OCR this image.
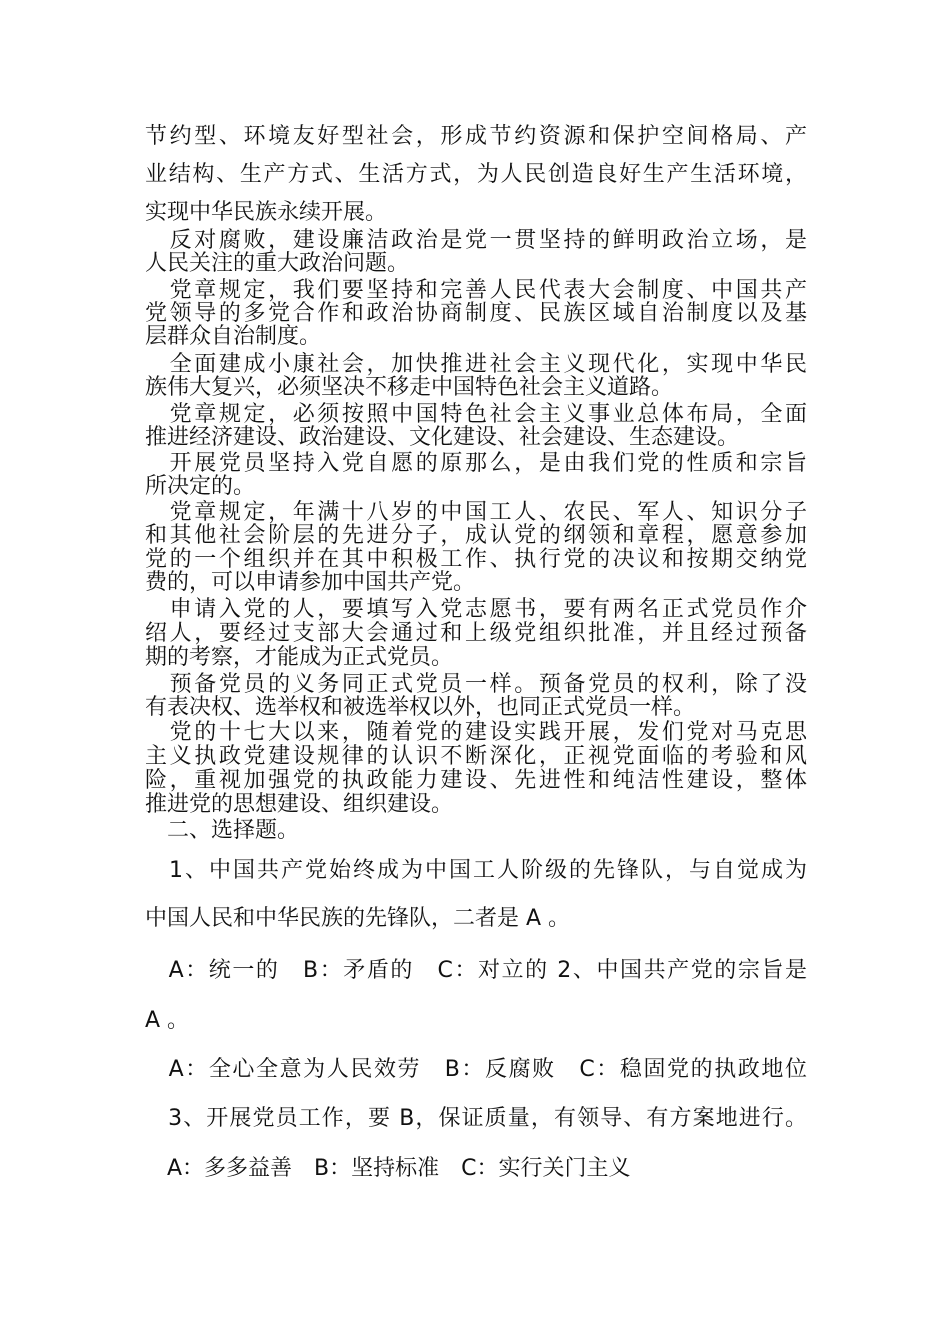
节约型、环境友好型社会，形成节约资源和保护空间格局、产

业结构、生产方式、生活方式，为人民创造良好生产生活环境，

实现中华民族永续开展。

　反对腐败，建设廉洁政治是党一贯坚持的鲜明政治立场，是

人民关注的重大政治问题。

　党章规定，我们要坚持和完善人民代表大会制度、中国共产

党领导的多党合作和政治协商制度、民族区域自治制度以及基

层群众自治制度。

　全面建成小康社会，加快推进社会主义现代化，实现中华民

族伟大复兴，必须坚决不移走中国特色社会主义道路。

　党章规定，必须按照中国特色社会主义事业总体布局，全面

推进经济建设、政治建设、文化建设、社会建设、生态建设。

　开展党员坚持入党自愿的原那么，是由我们党的性质和宗旨

所决定的。

　党章规定，年满十八岁的中国工人、农民、军人、知识分子

和其他社会阶层的先进分子，成认党的纲领和章程，愿意参加

党的一个组织并在其中积极工作、执行党的决议和按期交纳党

费的，可以申请参加中国共产党。

　申请入党的人，要填写入党志愿书，要有两名正式党员作介

绍人，要经过支部大会通过和上级党组织批准，并且经过预备

期的考察，才能成为正式党员。

　预备党员的义务同正式党员一样。预备党员的权利，除了没

有表决权、选举权和被选举权以外，也同正式党员一样。

　党的十七大以来，随着党的建设实践开展，发们党对马克思

主义执政党建设规律的认识不断深化，正视党面临的考验和风

险，重视加强党的执政能力建设、先进性和纯洁性建设，整体

推进党的思想建设、组织建设。

　二、选择题。

　1、中国共产党始终成为中国工人阶级的先锋队，与自觉成为

中国人民和中华民族的先锋队，二者是 A 。

　A：统一的　B：矛盾的　C：对立的 2、中国共产党的宗旨是

A 。

　A：全心全意为人民效劳　B：反腐败　C：稳固党的执政地位

　3、开展党员工作，要 B，保证质量，有领导、有方案地进行。

　A：多多益善　B：坚持标准　C：实行关门主义
